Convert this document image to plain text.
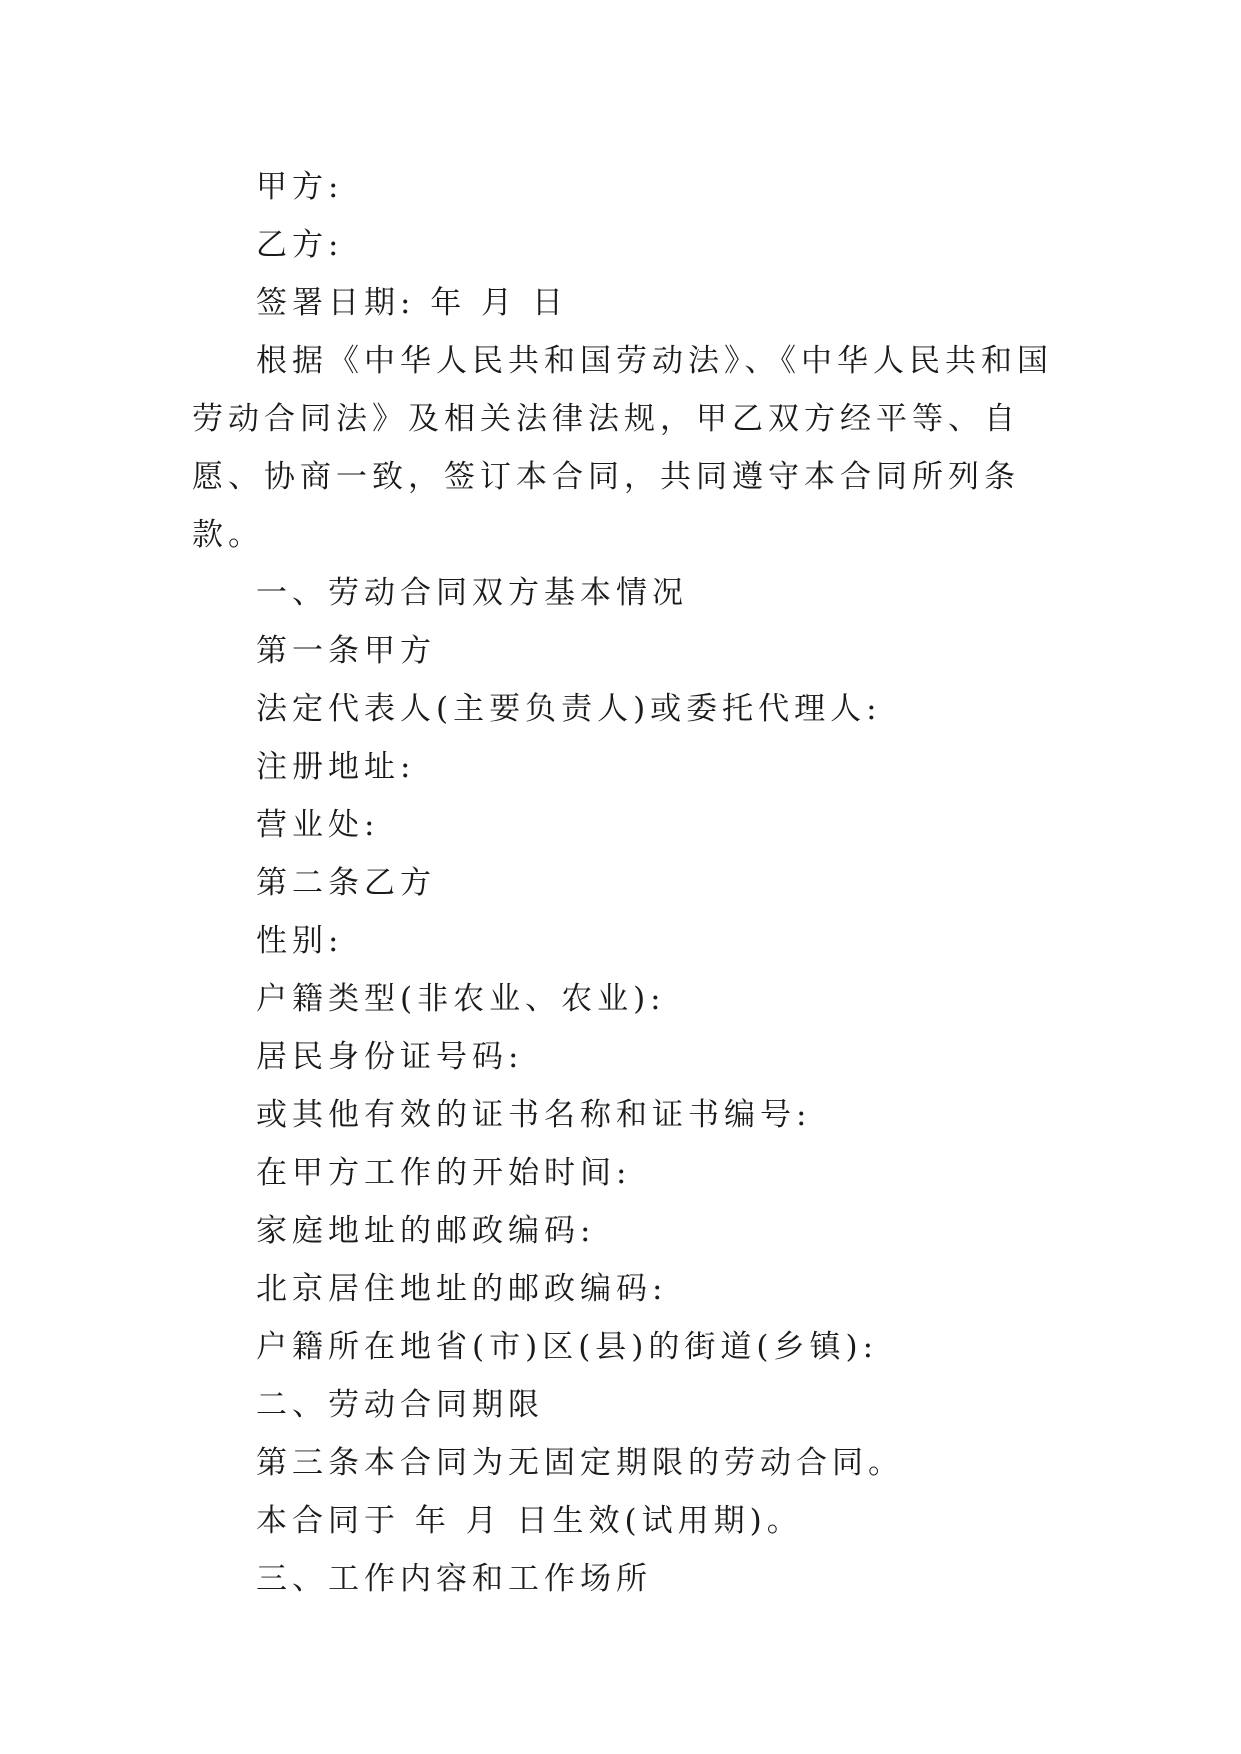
甲方:

乙方:

签署日期: 年 月 日

根据《中华人民共和国劳动法》、《中华人民共和国劳动合同法》及相关法律法规，甲乙双方经平等、自愿、协商一致，签订本合同，共同遵守本合同所列条款。

一、劳动合同双方基本情况

第一条甲方

法定代表人(主要负责人)或委托代理人:

注册地址:

营业处:

第二条乙方

性别:

户籍类型(非农业、农业):

居民身份证号码:

或其他有效的证书名称和证书编号:

在甲方工作的开始时间:

家庭地址的邮政编码:

北京居住地址的邮政编码:

户籍所在地省(市)区(县)的街道(乡镇):

二、劳动合同期限

第三条本合同为无固定期限的劳动合同。

本合同于 年 月 日生效(试用期)。

三、工作内容和工作场所
